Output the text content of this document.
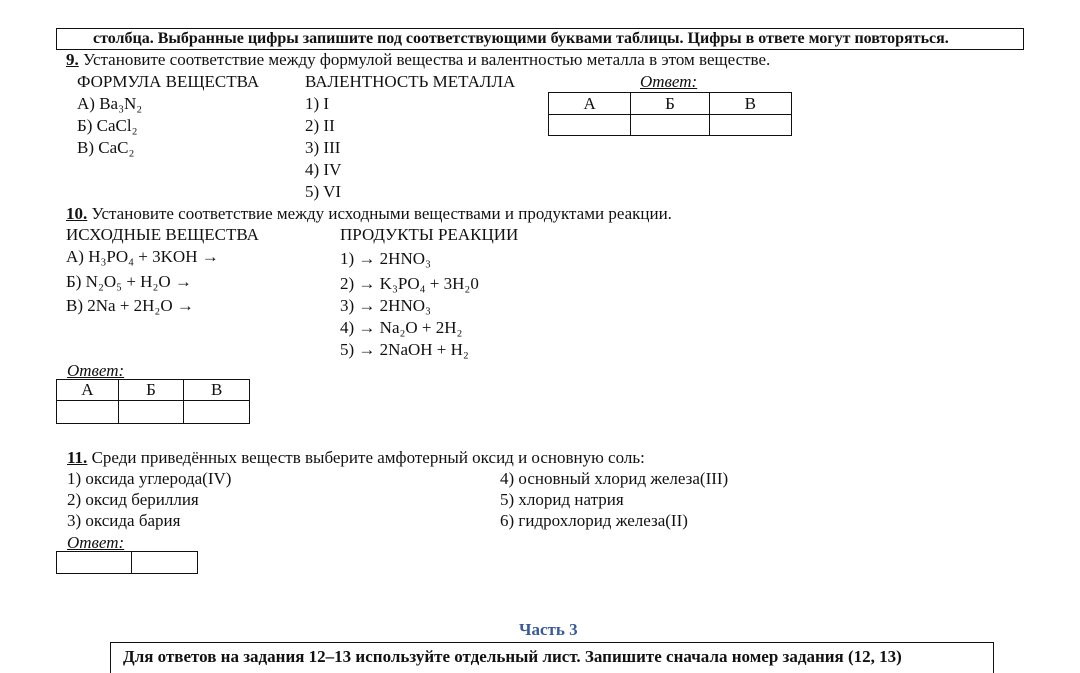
столбца. Выбранные цифры запишите под соответствующими буквами таблицы. Цифры в ответе могут повторяться.
9. Установите соответствие между формулой вещества и валентностью металла в этом веществе.
ФОРМУЛА ВЕЩЕСТВА	ВАЛЕНТНОСТЬ МЕТАЛЛА
А) Ba₃N₂
Б) CaCl₂
В) CaC₂
1) I
2) II
3) III
4) IV
5) VI
Ответ:
А	Б	В

10. Установите соответствие между исходными веществами и продуктами реакции.
ИСХОДНЫЕ ВЕЩЕСТВА	ПРОДУКТЫ РЕАКЦИИ
А) H₃PO₄ + 3KOH →
Б) N₂O₅ + H₂O →
В) 2Na + 2H₂O →
1) → 2HNO₃
2) → K₃PO₄ + 3H₂0
3) → 2HNO₃
4) → Na₂O + 2H₂
5) → 2NaOH + H₂
Ответ:
А	Б	В

11. Среди приведённых веществ выберите амфотерный оксид и основную соль:
1) оксида углерода(IV)
2) оксид бериллия
3) оксида бария
4) основный хлорид железа(III)
5) хлорид натрия
6) гидрохлорид железа(II)
Ответ:

Часть 3
Для ответов на задания 12–13 используйте отдельный лист. Запишите сначала номер задания (12, 13)
